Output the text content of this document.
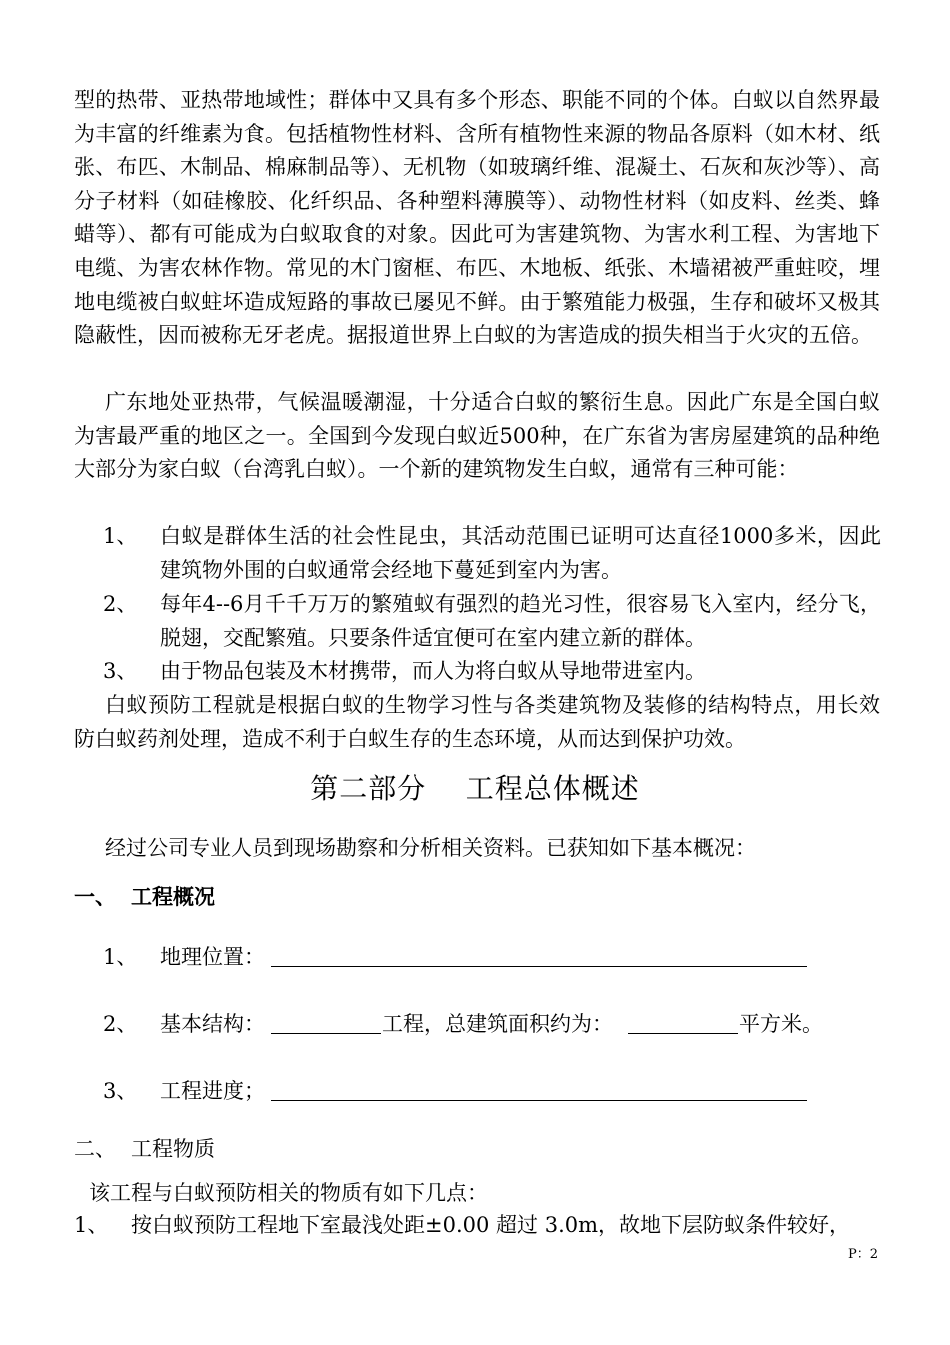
型的热带、亚热带地域性；群体中又具有多个形态、职能不同的个体。白蚁以自然界最为丰富的纤维素为食。包括植物性材料、含所有植物性来源的物品各原料（如木材、纸张、布匹、木制品、棉麻制品等）、无机物（如玻璃纤维、混凝土、石灰和灰沙等）、高分子材料（如硅橡胶、化纤织品、各种塑料薄膜等）、动物性材料（如皮料、丝类、蜂蜡等）、都有可能成为白蚁取食的对象。因此可为害建筑物、为害水利工程、为害地下电缆、为害农林作物。常见的木门窗框、布匹、木地板、纸张、木墙裙被严重蛀咬，埋地电缆被白蚁蛀坏造成短路的事故已屡见不鲜。由于繁殖能力极强，生存和破坏又极其隐蔽性，因而被称无牙老虎。据报道世界上白蚁的为害造成的损失相当于火灾的五倍。

广东地处亚热带，气候温暖潮湿，十分适合白蚁的繁衍生息。因此广东是全国白蚁为害最严重的地区之一。全国到今发现白蚁近500种，在广东省为害房屋建筑的品种绝大部分为家白蚁（台湾乳白蚁）。一个新的建筑物发生白蚁，通常有三种可能：

1、 白蚁是群体生活的社会性昆虫，其活动范围已证明可达直径1000多米，因此建筑物外围的白蚁通常会经地下蔓延到室内为害。
2、 每年4--6月千千万万的繁殖蚁有强烈的趋光习性，很容易飞入室内，经分飞，脱翅，交配繁殖。只要条件适宜便可在室内建立新的群体。
3、 由于物品包装及木材携带，而人为将白蚁从导地带进室内。

白蚁预防工程就是根据白蚁的生物学习性与各类建筑物及装修的结构特点，用长效防白蚁药剂处理，造成不利于白蚁生存的生态环境，从而达到保护功效。

第二部分    工程总体概述

经过公司专业人员到现场勘察和分析相关资料。已获知如下基本概况：

一、 工程概况
1、 地理位置：
2、 基本结构：	工程，总建筑面积约为：	平方米。
3、 工程进度；
二、 工程物质
该工程与白蚁预防相关的物质有如下几点：
1、 按白蚁预防工程地下室最浅处距±0.00 超过 3.0m，故地下层防蚁条件较好，
P：2
